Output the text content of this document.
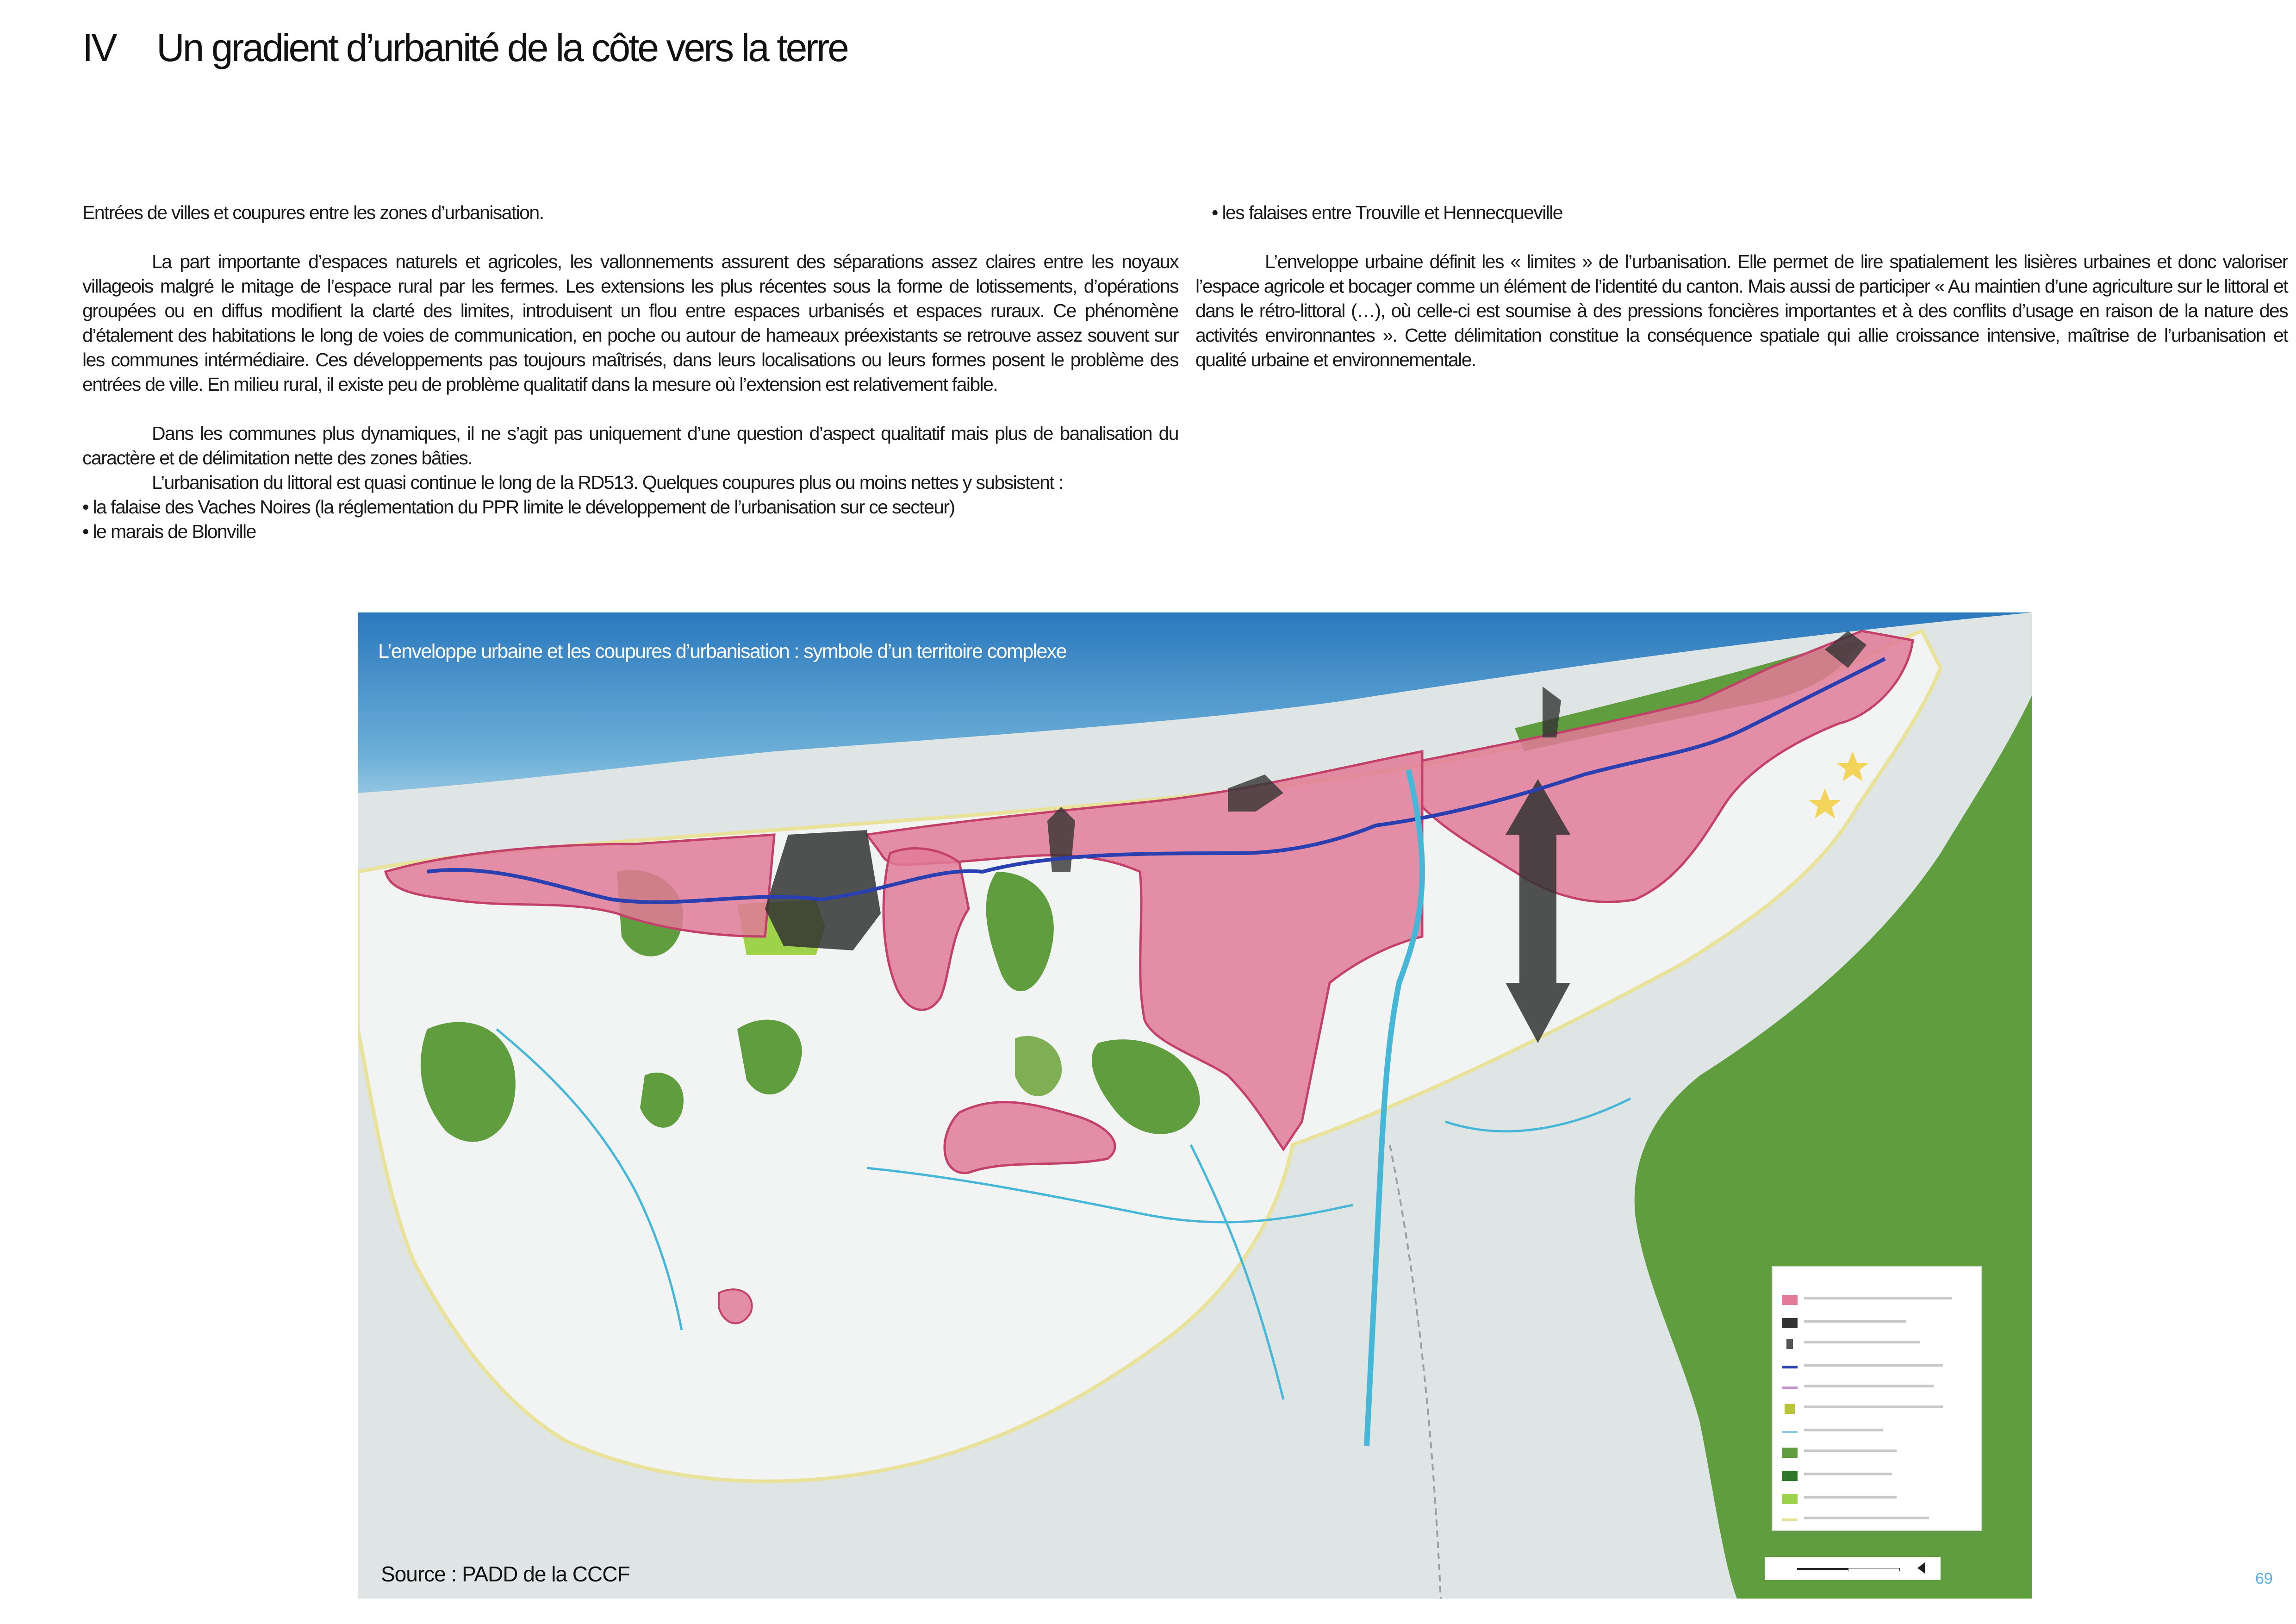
IV Un gradient d’urbanité de la côte vers la terre

Entrées de villes et coupures entre les zones d’urbanisation.

La part importante d’espaces naturels et agricoles, les vallonnements assurent des séparations assez claires entre les noyaux villageois malgré le mitage de l’espace rural par les fermes. Les extensions les plus récentes sous la forme de lotissements, d’opérations groupées ou en diffus modifient la clarté des limites, introduisent un flou entre espaces urbanisés et espaces ruraux. Ce phénomène d’étalement des habitations le long de voies de communication, en poche ou autour de hameaux préexistants se retrouve assez souvent sur les communes intérmédiaire. Ces développements pas toujours maîtrisés, dans leurs localisations ou leurs formes posent le problème des entrées de ville. En milieu rural, il existe peu de problème qualitatif dans la mesure où l’extension est relativement faible.

Dans les communes plus dynamiques, il ne s’agit pas uniquement d’une question d’aspect qualitatif mais plus de banalisation du caractère et de délimitation nette des zones bâties.

L’urbanisation du littoral est quasi continue le long de la RD513. Quelques coupures plus ou moins nettes y subsistent :

• la falaise des Vaches Noires (la réglementation du PPR limite le développement de l’urbanisation sur ce secteur)

• le marais de Blonville

• les falaises entre Trouville et Hennecqueville

L’enveloppe urbaine définit les « limites » de l’urbanisation. Elle permet de lire spatialement les lisières urbaines et donc valoriser l’espace agricole et bocager comme un élément de l’identité du canton. Mais aussi de participer « Au maintien d’une agriculture sur le littoral et dans le rétro-littoral (…), où celle-ci est soumise à des pressions foncières importantes et à des conflits d’usage en raison de la nature des activités environnantes ». Cette délimitation constitue la conséquence spatiale qui allie croissance intensive, maîtrise de l’urbanisation et qualité urbaine et environnementale.

L’enveloppe urbaine et les coupures d’urbanisation : symbole d’un territoire complexe
Source : PADD de la CCCF	69
